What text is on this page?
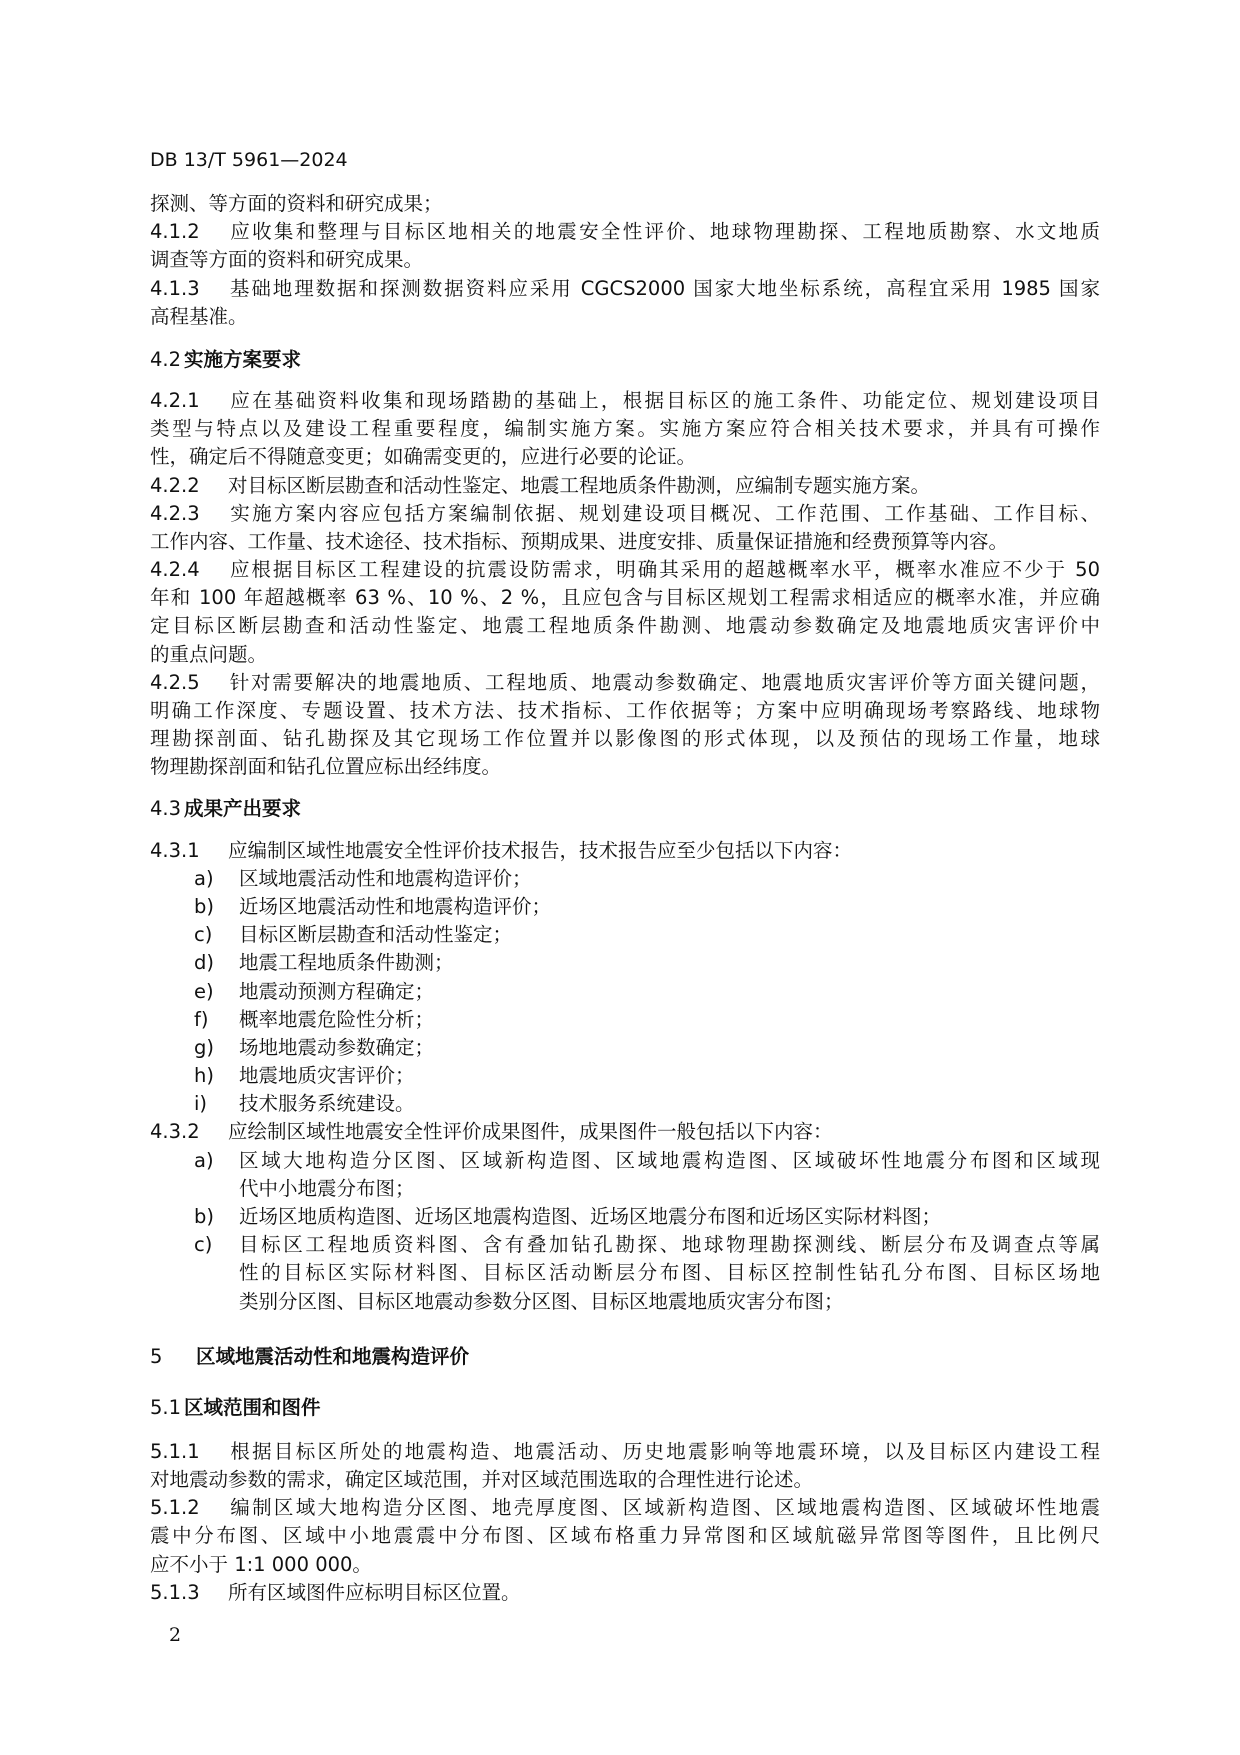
DB 13/T 5961—2024
探测、等方面的资料和研究成果；
4.1.2 应收集和整理与目标区地相关的地震安全性评价、地球物理勘探、工程地质勘察、水文地质
调查等方面的资料和研究成果。
4.1.3 基础地理数据和探测数据资料应采用 CGCS2000 国家大地坐标系统，高程宜采用 1985 国家
高程基准。
4.2 实施方案要求
4.2.1 应在基础资料收集和现场踏勘的基础上，根据目标区的施工条件、功能定位、规划建设项目
类型与特点以及建设工程重要程度，编制实施方案。实施方案应符合相关技术要求，并具有可操作
性，确定后不得随意变更；如确需变更的，应进行必要的论证。
4.2.2 对目标区断层勘查和活动性鉴定、地震工程地质条件勘测，应编制专题实施方案。
4.2.3 实施方案内容应包括方案编制依据、规划建设项目概况、工作范围、工作基础、工作目标、
工作内容、工作量、技术途径、技术指标、预期成果、进度安排、质量保证措施和经费预算等内容。
4.2.4 应根据目标区工程建设的抗震设防需求，明确其采用的超越概率水平，概率水准应不少于 50
年和 100 年超越概率 63 %、10 %、2 %，且应包含与目标区规划工程需求相适应的概率水准，并应确
定目标区断层勘查和活动性鉴定、地震工程地质条件勘测、地震动参数确定及地震地质灾害评价中
的重点问题。
4.2.5 针对需要解决的地震地质、工程地质、地震动参数确定、地震地质灾害评价等方面关键问题，
明确工作深度、专题设置、技术方法、技术指标、工作依据等；方案中应明确现场考察路线、地球物
理勘探剖面、钻孔勘探及其它现场工作位置并以影像图的形式体现，以及预估的现场工作量，地球
物理勘探剖面和钻孔位置应标出经纬度。
4.3 成果产出要求
4.3.1 应编制区域性地震安全性评价技术报告，技术报告应至少包括以下内容：
a) 区域地震活动性和地震构造评价；
b) 近场区地震活动性和地震构造评价；
c) 目标区断层勘查和活动性鉴定；
d) 地震工程地质条件勘测；
e) 地震动预测方程确定；
f) 概率地震危险性分析；
g) 场地地震动参数确定；
h) 地震地质灾害评价；
i) 技术服务系统建设。
4.3.2 应绘制区域性地震安全性评价成果图件，成果图件一般包括以下内容：
a) 区域大地构造分区图、区域新构造图、区域地震构造图、区域破坏性地震分布图和区域现
代中小地震分布图；
b) 近场区地质构造图、近场区地震构造图、近场区地震分布图和近场区实际材料图；
c) 目标区工程地质资料图、含有叠加钻孔勘探、地球物理勘探测线、断层分布及调查点等属
性的目标区实际材料图、目标区活动断层分布图、目标区控制性钻孔分布图、目标区场地
类别分区图、目标区地震动参数分区图、目标区地震地质灾害分布图；
5 区域地震活动性和地震构造评价
5.1 区域范围和图件
5.1.1 根据目标区所处的地震构造、地震活动、历史地震影响等地震环境，以及目标区内建设工程
对地震动参数的需求，确定区域范围，并对区域范围选取的合理性进行论述。
5.1.2 编制区域大地构造分区图、地壳厚度图、区域新构造图、区域地震构造图、区域破坏性地震
震中分布图、区域中小地震震中分布图、区域布格重力异常图和区域航磁异常图等图件，且比例尺
应不小于 1:1 000 000。
5.1.3 所有区域图件应标明目标区位置。
2
